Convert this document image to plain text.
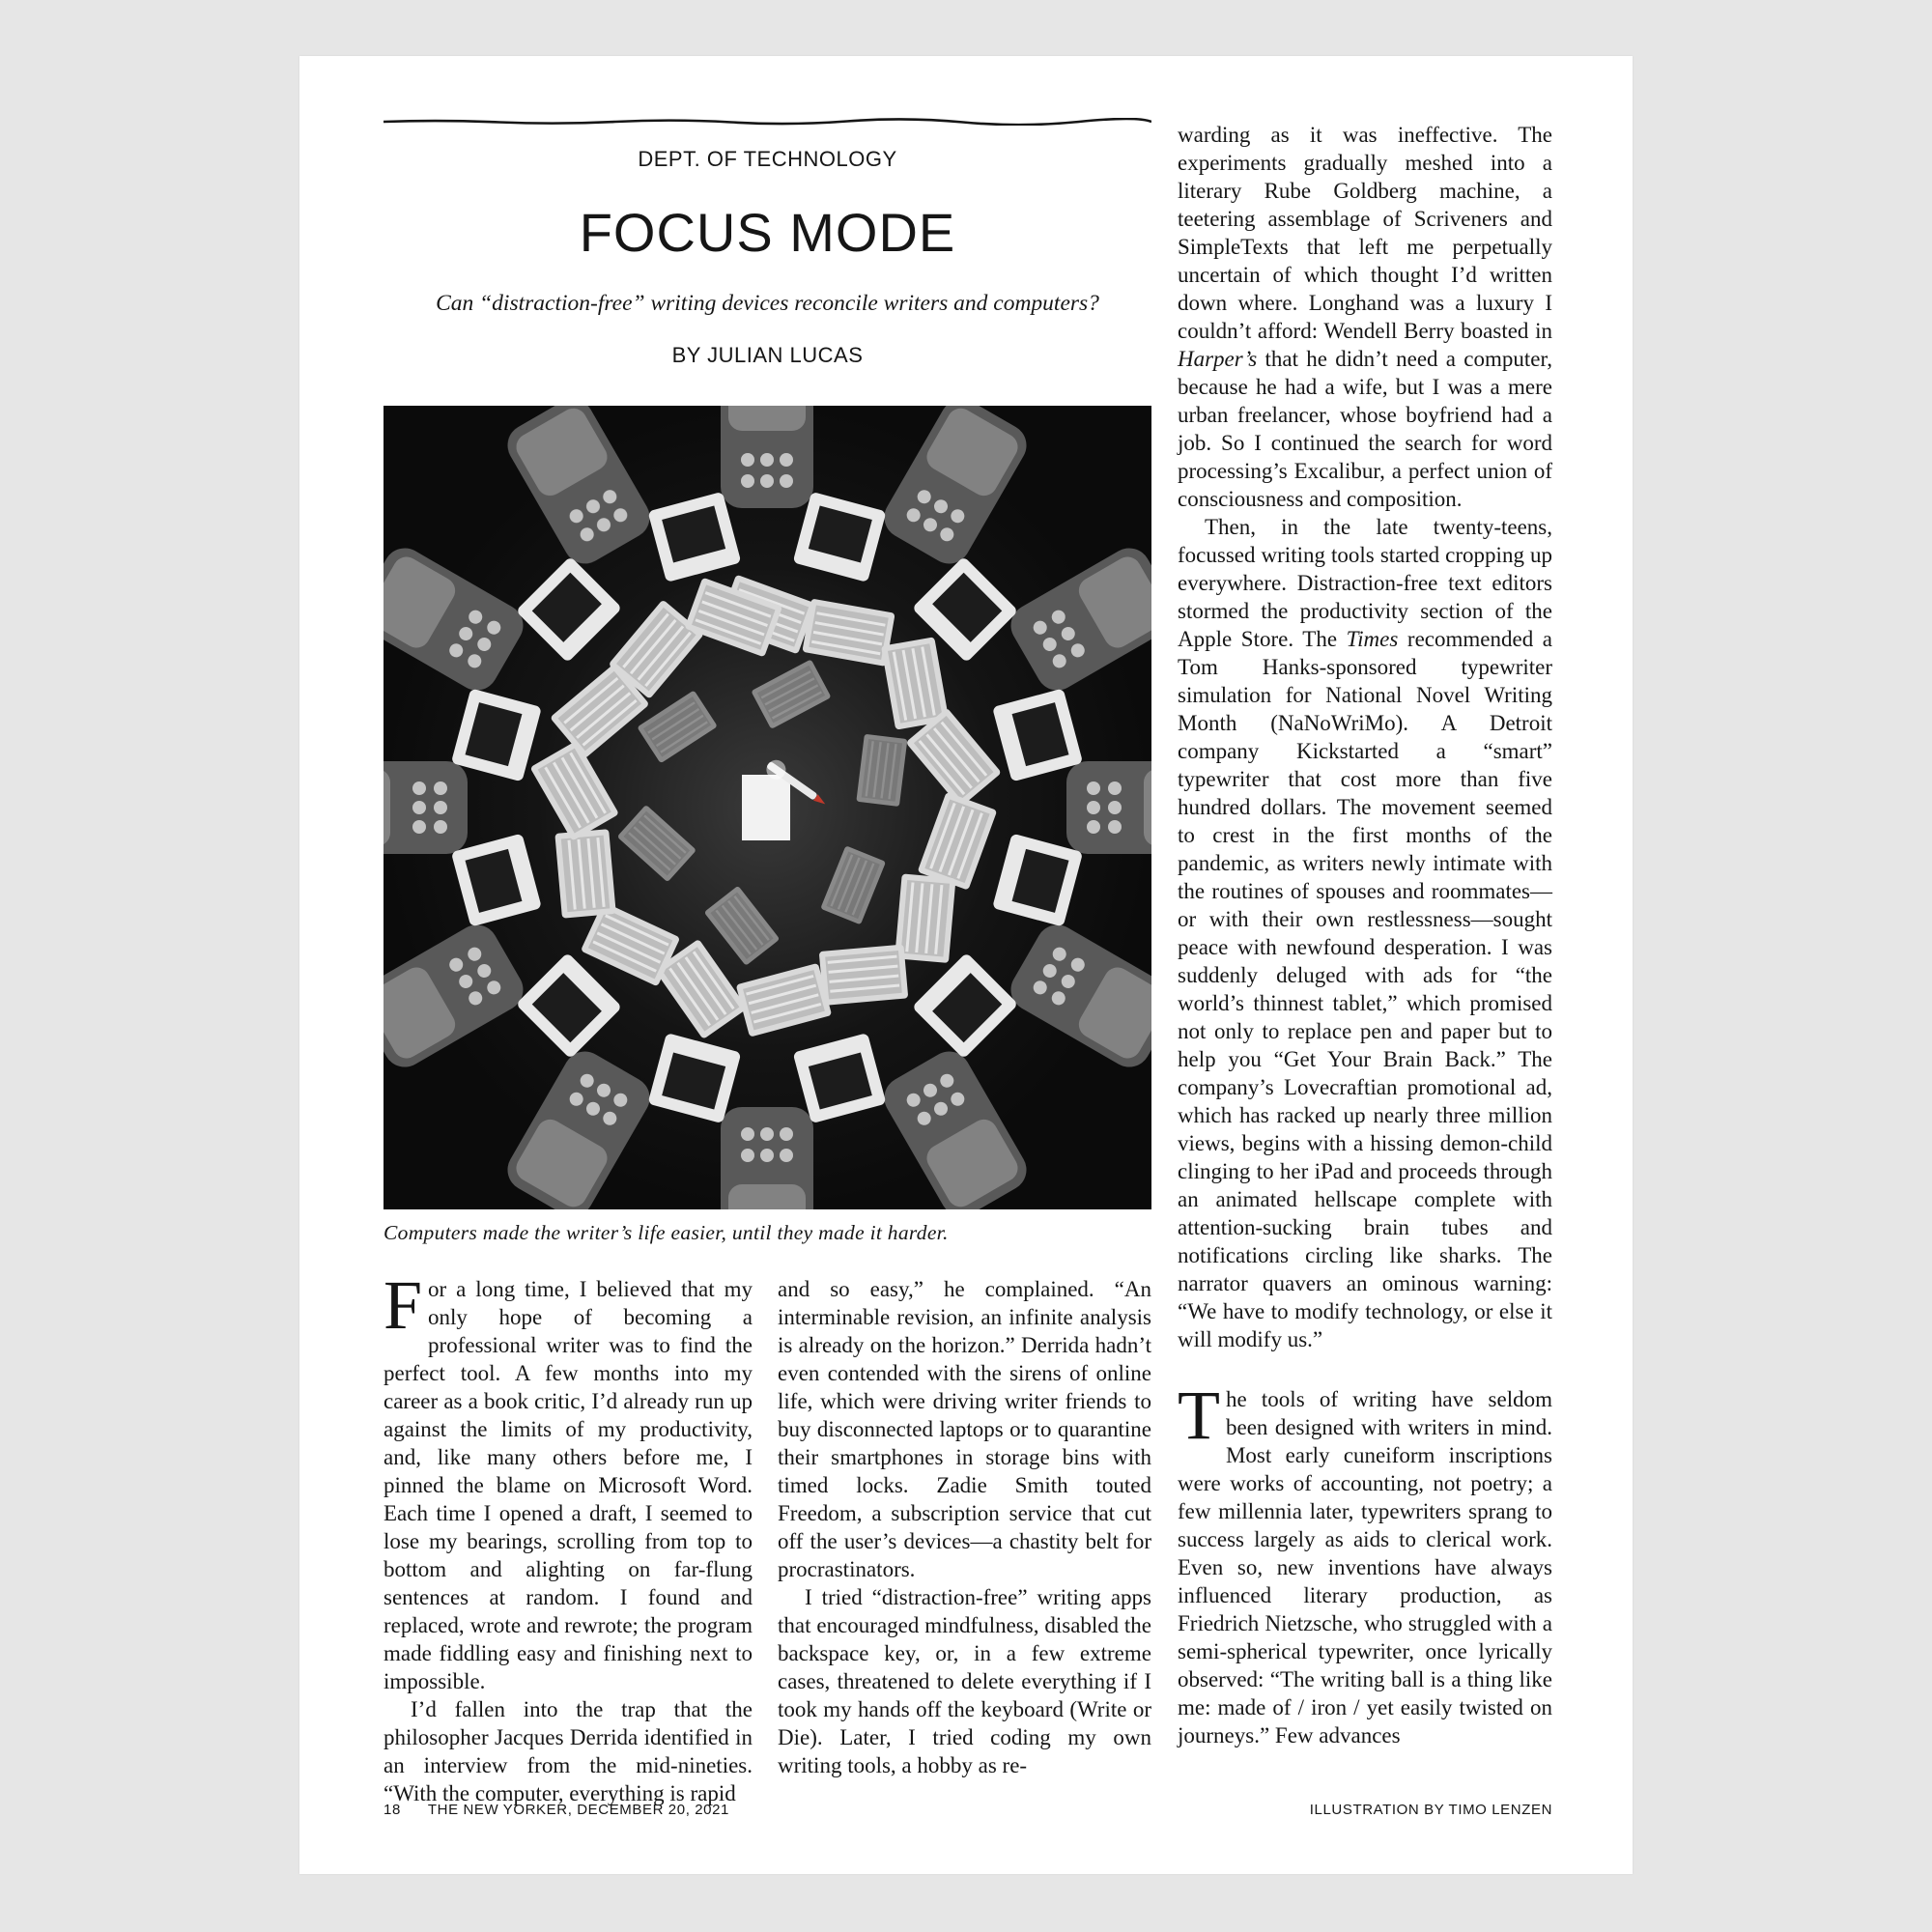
DEPT. OF TECHNOLOGY
FOCUS MODE
Can “distraction-free” writing devices reconcile writers and computers?
BY JULIAN LUCAS
Computers made the writer’s life easier, until they made it harder.

For a long time, I believed that my only hope of becoming a professional writer was to find the perfect tool. A few months into my career as a book critic, I’d already run up against the limits of my productivity, and, like many others before me, I pinned the blame on Microsoft Word. Each time I opened a draft, I seemed to lose my bearings, scrolling from top to bottom and alighting on far-flung sentences at random. I found and replaced, wrote and rewrote; the program made fiddling easy and finishing next to impossible.

I’d fallen into the trap that the philosopher Jacques Derrida identified in an interview from the mid-nineties. “With the computer, everything is rapid

and so easy,” he complained. “An interminable revision, an infinite analysis is already on the horizon.” Derrida hadn’t even contended with the sirens of online life, which were driving writer friends to buy disconnected laptops or to quarantine their smartphones in storage bins with timed locks. Zadie Smith touted Freedom, a subscription service that cut off the user’s devices—a chastity belt for procrastinators.

I tried “distraction-free” writing apps that encouraged mindfulness, disabled the backspace key, or, in a few extreme cases, threatened to delete everything if I took my hands off the keyboard (Write or Die). Later, I tried coding my own writing tools, a hobby as re-

warding as it was ineffective. The experiments gradually meshed into a literary Rube Goldberg machine, a teetering assemblage of Scriveners and SimpleTexts that left me perpetually uncertain of which thought I’d written down where. Longhand was a luxury I couldn’t afford: Wendell Berry boasted in Harper’s that he didn’t need a computer, because he had a wife, but I was a mere urban freelancer, whose boyfriend had a job. So I continued the search for word processing’s Excalibur, a perfect union of consciousness and composition.

Then, in the late twenty-teens, focussed writing tools started cropping up everywhere. Distraction-free text editors stormed the productivity section of the Apple Store. The Times recommended a Tom Hanks-sponsored typewriter simulation for National Novel Writing Month (NaNoWriMo). A Detroit company Kickstarted a “smart” typewriter that cost more than five hundred dollars. The movement seemed to crest in the first months of the pandemic, as writers newly intimate with the routines of spouses and roommates—or with their own restlessness—sought peace with newfound desperation. I was suddenly deluged with ads for “the world’s thinnest tablet,” which promised not only to replace pen and paper but to help you “Get Your Brain Back.” The company’s Lovecraftian promotional ad, which has racked up nearly three million views, begins with a hissing demon-child clinging to her iPad and proceeds through an animated hellscape complete with attention-sucking brain tubes and notifications circling like sharks. The narrator quavers an ominous warning: “We have to modify technology, or else it will modify us.”

The tools of writing have seldom been designed with writers in mind. Most early cuneiform inscriptions were works of accounting, not poetry; a few millennia later, typewriters sprang to success largely as aids to clerical work. Even so, new inventions have always influenced literary production, as Friedrich Nietzsche, who struggled with a semi-spherical typewriter, once lyrically observed: “The writing ball is a thing like me: made of / iron / yet easily twisted on journeys.” Few advances

18 THE NEW YORKER, DECEMBER 20, 2021	ILLUSTRATION BY TIMO LENZEN
